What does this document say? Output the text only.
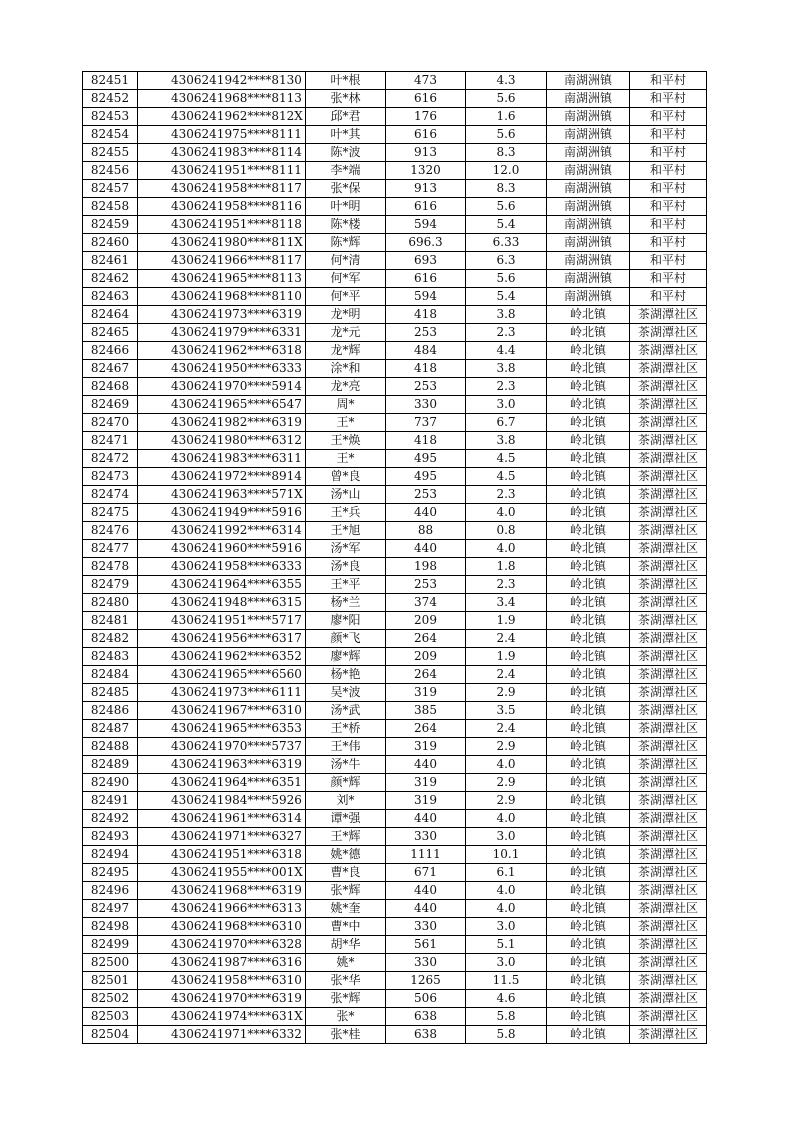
82451	4306241942****8130	叶*根	473	4.3	南湖洲镇	和平村
82452	4306241968****8113	张*林	616	5.6	南湖洲镇	和平村
82453	4306241962****812X	邱*君	176	1.6	南湖洲镇	和平村
82454	4306241975****8111	叶*其	616	5.6	南湖洲镇	和平村
82455	4306241983****8114	陈*波	913	8.3	南湖洲镇	和平村
82456	4306241951****8111	李*端	1320	12.0	南湖洲镇	和平村
82457	4306241958****8117	张*保	913	8.3	南湖洲镇	和平村
82458	4306241958****8116	叶*明	616	5.6	南湖洲镇	和平村
82459	4306241951****8118	陈*楼	594	5.4	南湖洲镇	和平村
82460	4306241980****811X	陈*辉	696.3	6.33	南湖洲镇	和平村
82461	4306241966****8117	何*清	693	6.3	南湖洲镇	和平村
82462	4306241965****8113	何*军	616	5.6	南湖洲镇	和平村
82463	4306241968****8110	何*平	594	5.4	南湖洲镇	和平村
82464	4306241973****6319	龙*明	418	3.8	岭北镇	茶湖潭社区
82465	4306241979****6331	龙*元	253	2.3	岭北镇	茶湖潭社区
82466	4306241962****6318	龙*辉	484	4.4	岭北镇	茶湖潭社区
82467	4306241950****6333	涂*和	418	3.8	岭北镇	茶湖潭社区
82468	4306241970****5914	龙*亮	253	2.3	岭北镇	茶湖潭社区
82469	4306241965****6547	周*	330	3.0	岭北镇	茶湖潭社区
82470	4306241982****6319	王*	737	6.7	岭北镇	茶湖潭社区
82471	4306241980****6312	王*焕	418	3.8	岭北镇	茶湖潭社区
82472	4306241983****6311	王*	495	4.5	岭北镇	茶湖潭社区
82473	4306241972****8914	曾*良	495	4.5	岭北镇	茶湖潭社区
82474	4306241963****571X	汤*山	253	2.3	岭北镇	茶湖潭社区
82475	4306241949****5916	王*兵	440	4.0	岭北镇	茶湖潭社区
82476	4306241992****6314	王*旭	88	0.8	岭北镇	茶湖潭社区
82477	4306241960****5916	汤*军	440	4.0	岭北镇	茶湖潭社区
82478	4306241958****6333	汤*良	198	1.8	岭北镇	茶湖潭社区
82479	4306241964****6355	王*平	253	2.3	岭北镇	茶湖潭社区
82480	4306241948****6315	杨*兰	374	3.4	岭北镇	茶湖潭社区
82481	4306241951****5717	廖*阳	209	1.9	岭北镇	茶湖潭社区
82482	4306241956****6317	颜*飞	264	2.4	岭北镇	茶湖潭社区
82483	4306241962****6352	廖*辉	209	1.9	岭北镇	茶湖潭社区
82484	4306241965****6560	杨*艳	264	2.4	岭北镇	茶湖潭社区
82485	4306241973****6111	吴*波	319	2.9	岭北镇	茶湖潭社区
82486	4306241967****6310	汤*武	385	3.5	岭北镇	茶湖潭社区
82487	4306241965****6353	王*桥	264	2.4	岭北镇	茶湖潭社区
82488	4306241970****5737	王*伟	319	2.9	岭北镇	茶湖潭社区
82489	4306241963****6319	汤*牛	440	4.0	岭北镇	茶湖潭社区
82490	4306241964****6351	颜*辉	319	2.9	岭北镇	茶湖潭社区
82491	4306241984****5926	刘*	319	2.9	岭北镇	茶湖潭社区
82492	4306241961****6314	谭*强	440	4.0	岭北镇	茶湖潭社区
82493	4306241971****6327	王*辉	330	3.0	岭北镇	茶湖潭社区
82494	4306241951****6318	姚*德	1111	10.1	岭北镇	茶湖潭社区
82495	4306241955****001X	曹*良	671	6.1	岭北镇	茶湖潭社区
82496	4306241968****6319	张*辉	440	4.0	岭北镇	茶湖潭社区
82497	4306241966****6313	姚*奎	440	4.0	岭北镇	茶湖潭社区
82498	4306241968****6310	曹*中	330	3.0	岭北镇	茶湖潭社区
82499	4306241970****6328	胡*华	561	5.1	岭北镇	茶湖潭社区
82500	4306241987****6316	姚*	330	3.0	岭北镇	茶湖潭社区
82501	4306241958****6310	张*华	1265	11.5	岭北镇	茶湖潭社区
82502	4306241970****6319	张*辉	506	4.6	岭北镇	茶湖潭社区
82503	4306241974****631X	张*	638	5.8	岭北镇	茶湖潭社区
82504	4306241971****6332	张*桂	638	5.8	岭北镇	茶湖潭社区
